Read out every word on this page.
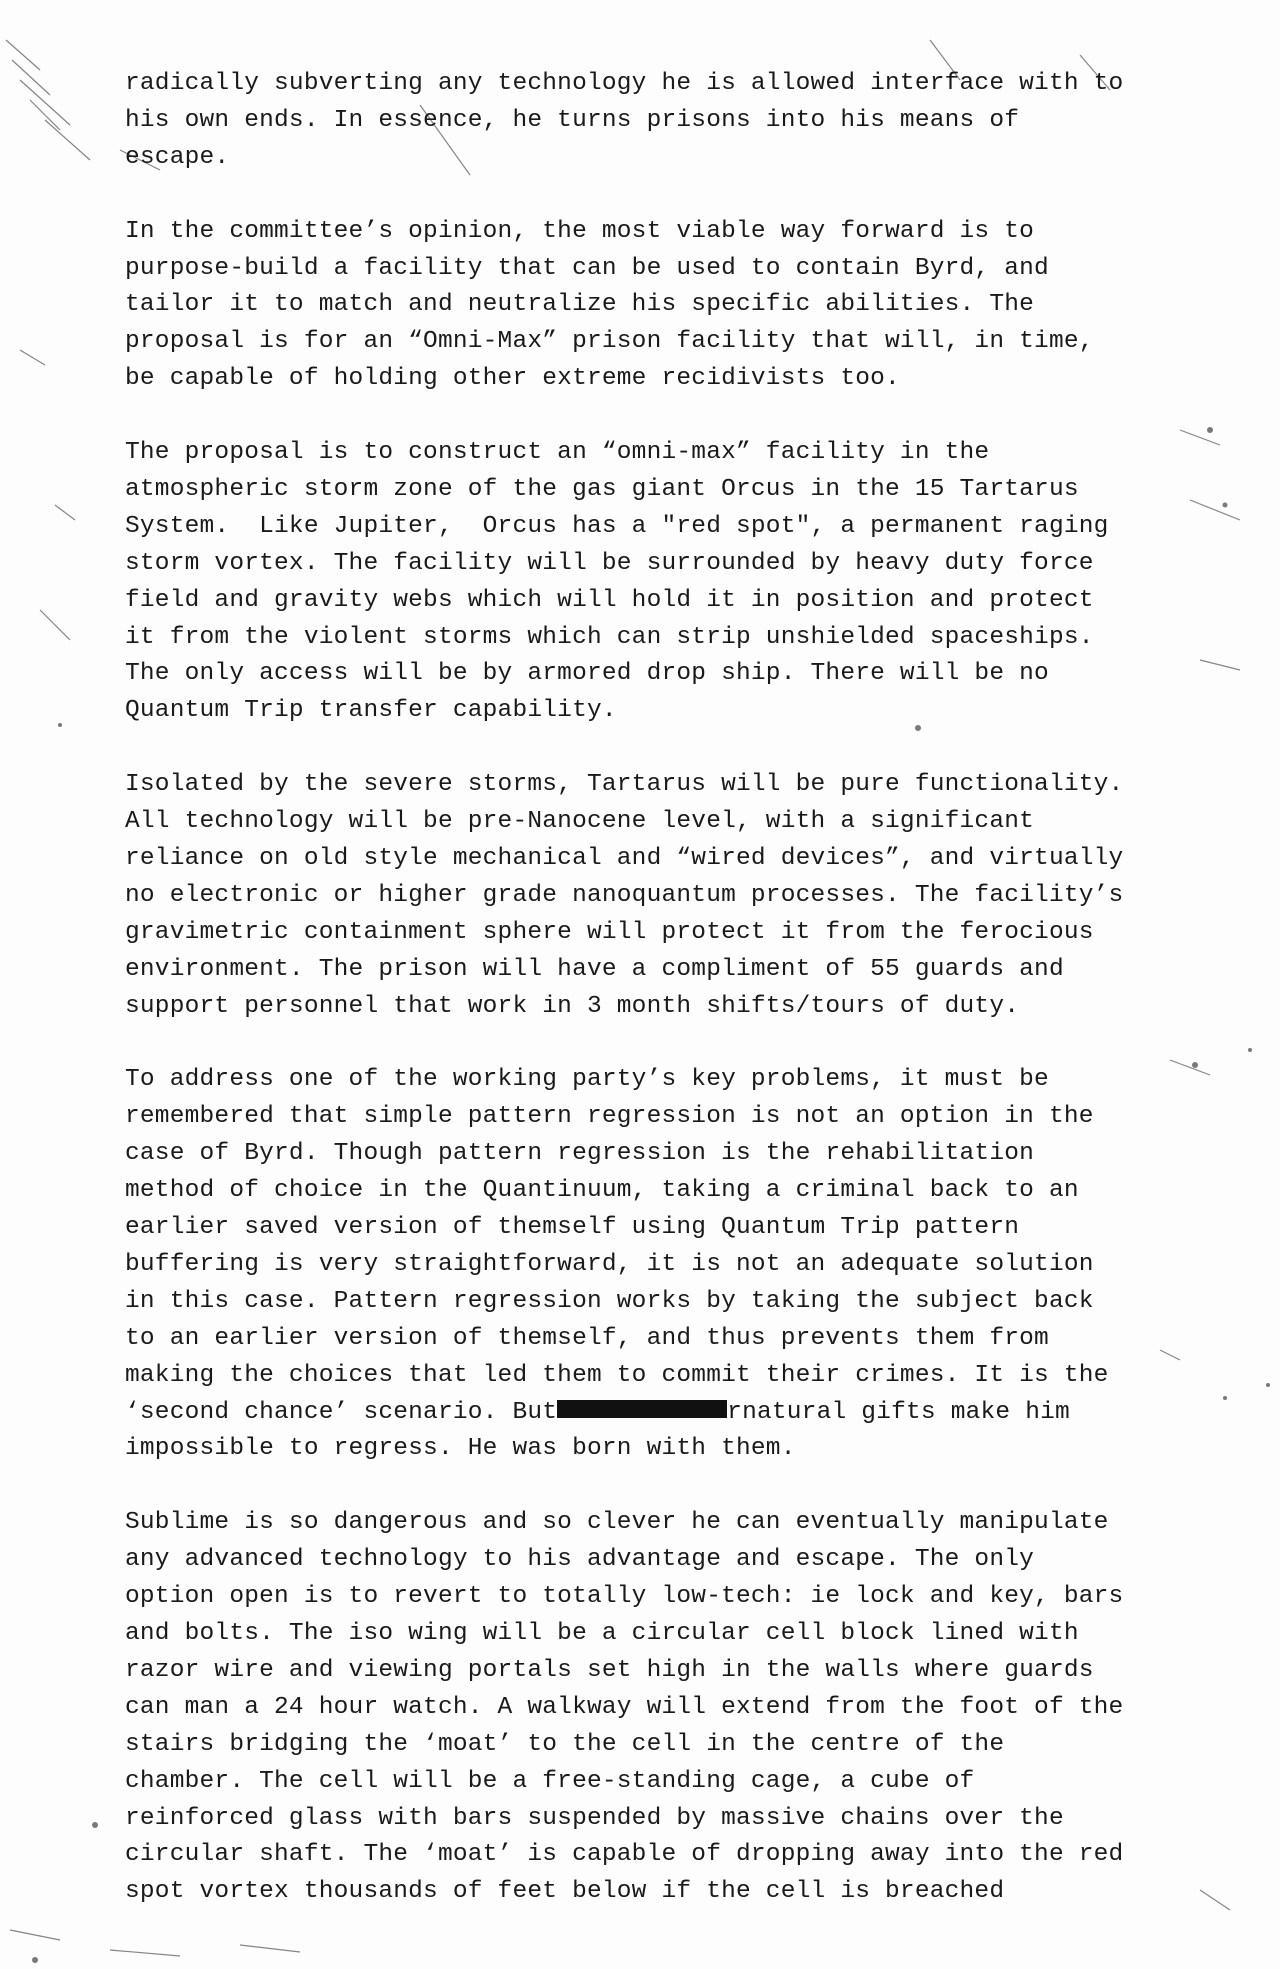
radically subverting any technology he is allowed interface with to
his own ends. In essence, he turns prisons into his means of
escape.
In the committee’s opinion, the most viable way forward is to
purpose-build a facility that can be used to contain Byrd, and
tailor it to match and neutralize his specific abilities. The
proposal is for an “Omni-Max” prison facility that will, in time,
be capable of holding other extreme recidivists too.
The proposal is to construct an “omni-max” facility in the
atmospheric storm zone of the gas giant Orcus in the 15 Tartarus
System.  Like Jupiter,  Orcus has a "red spot", a permanent raging
storm vortex. The facility will be surrounded by heavy duty force
field and gravity webs which will hold it in position and protect
it from the violent storms which can strip unshielded spaceships.
The only access will be by armored drop ship. There will be no
Quantum Trip transfer capability.
Isolated by the severe storms, Tartarus will be pure functionality.
All technology will be pre-Nanocene level, with a significant
reliance on old style mechanical and “wired devices”, and virtually
no electronic or higher grade nanoquantum processes. The facility’s
gravimetric containment sphere will protect it from the ferocious
environment. The prison will have a compliment of 55 guards and
support personnel that work in 3 month shifts/tours of duty.
To address one of the working party’s key problems, it must be
remembered that simple pattern regression is not an option in the
case of Byrd. Though pattern regression is the rehabilitation
method of choice in the Quantinuum, taking a criminal back to an
earlier saved version of themself using Quantum Trip pattern
buffering is very straightforward, it is not an adequate solution
in this case. Pattern regression works by taking the subject back
to an earlier version of themself, and thus prevents them from
making the choices that led them to commit their crimes. It is the
‘second chance’ scenario. But	rnatural gifts make him
impossible to regress. He was born with them.
Sublime is so dangerous and so clever he can eventually manipulate
any advanced technology to his advantage and escape. The only
option open is to revert to totally low-tech: ie lock and key, bars
and bolts. The iso wing will be a circular cell block lined with
razor wire and viewing portals set high in the walls where guards
can man a 24 hour watch. A walkway will extend from the foot of the
stairs bridging the ‘moat’ to the cell in the centre of the
chamber. The cell will be a free-standing cage, a cube of
reinforced glass with bars suspended by massive chains over the
circular shaft. The ‘moat’ is capable of dropping away into the red
spot vortex thousands of feet below if the cell is breached
